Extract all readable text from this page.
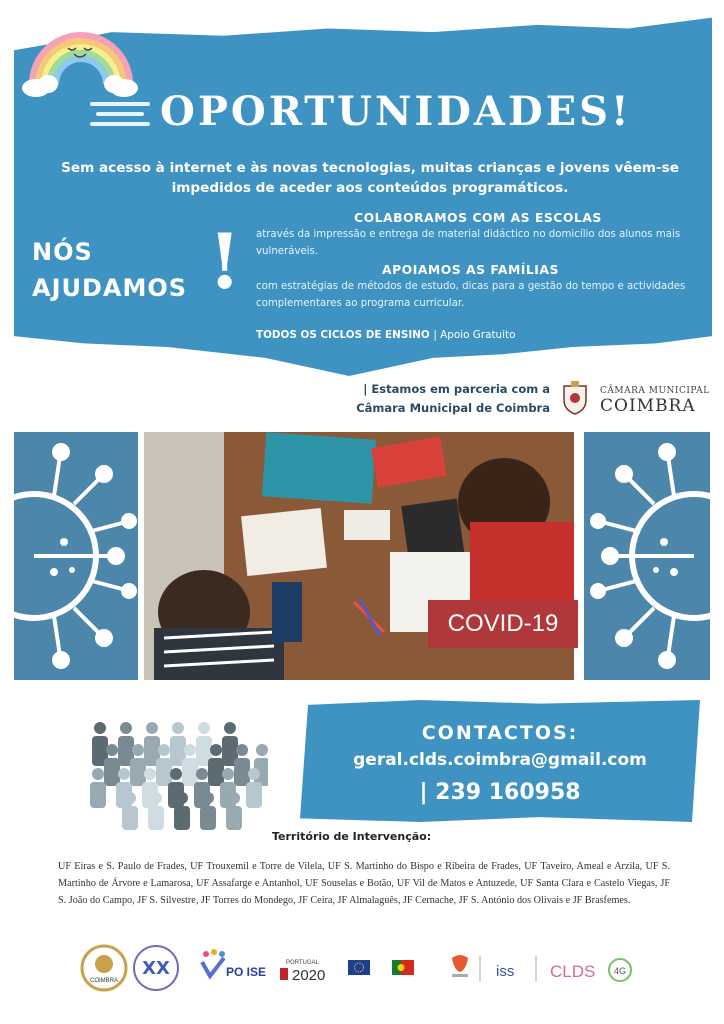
OPORTUNIDADES!
Sem acesso à internet e às novas tecnologias, muitas crianças e jovens vêem-se impedidos de aceder aos conteúdos programáticos.
NÓS
AJUDAMOS !	COLABORAMOS COM AS ESCOLAS
através da impressão e entrega de material didáctico no domicílio dos alunos mais vulneráveis.
APOIAMOS AS FAMÍLIAS
com estratégias de métodos de estudo, dicas para a gestão do tempo e actividades complementares ao programa curricular.
TODOS OS CICLOS DE ENSINO | Apoio Gratuito
| Estamos em parceria com a
Câmara Municipal de Coimbra
CÂMARA MUNICIPAL
COIMBRA
COVID-19
CONTACTOS:
geral.clds.coimbra@gmail.com
| 239 160958
Território de Intervenção:
UF Eiras e S. Paulo de Frades, UF Trouxemil e Torre de Vilela, UF S. Martinho do Bispo e Ribeira de Frades, UF Taveiro, Ameal e Arzila, UF S. Martinho de Árvore e Lamarosa, UF Assafarge e Antanhol, UF Souselas e Botão, UF Vil de Matos e Antuzede, UF Santa Clara e Castelo Viegas, JF S. João do Campo, JF S. Silvestre, JF Torres do Mondego, JF Ceira, JF Almalaguês, JF Cernache, JF S. António dos Olivais e JF Brasfemes.
COIMBRA
XX	PO ISE
PORTUGAL
2020	iss CLDS 4G
